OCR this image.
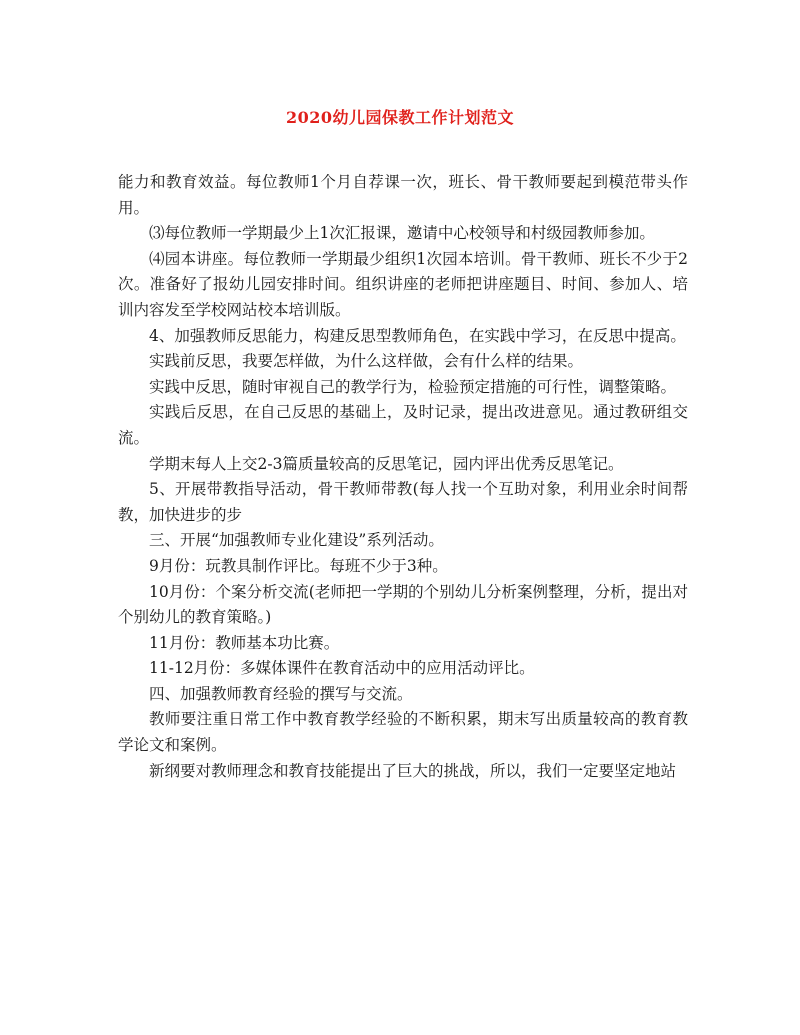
2020幼儿园保教工作计划范文

能力和教育效益。每位教师1个月自荐课一次，班长、骨干教师要起到模范带头作用。

⑶每位教师一学期最少上1次汇报课，邀请中心校领导和村级园教师参加。

⑷园本讲座。每位教师一学期最少组织1次园本培训。骨干教师、班长不少于2次。准备好了报幼儿园安排时间。组织讲座的老师把讲座题目、时间、参加人、培训内容发至学校网站校本培训版。

4、加强教师反思能力，构建反思型教师角色，在实践中学习，在反思中提高。

实践前反思，我要怎样做，为什么这样做，会有什么样的结果。

实践中反思，随时审视自己的教学行为，检验预定措施的可行性，调整策略。

实践后反思，在自己反思的基础上，及时记录，提出改进意见。通过教研组交流。

学期末每人上交2-3篇质量较高的反思笔记，园内评出优秀反思笔记。

5、开展带教指导活动，骨干教师带教(每人找一个互助对象，利用业余时间帮教，加快进步的步

三、开展“加强教师专业化建设”系列活动。

9月份：玩教具制作评比。每班不少于3种。

10月份：个案分析交流(老师把一学期的个别幼儿分析案例整理，分析，提出对个别幼儿的教育策略。)

11月份：教师基本功比赛。

11-12月份：多媒体课件在教育活动中的应用活动评比。

四、加强教师教育经验的撰写与交流。

教师要注重日常工作中教育教学经验的不断积累，期末写出质量较高的教育教学论文和案例。

新纲要对教师理念和教育技能提出了巨大的挑战，所以，我们一定要坚定地站
